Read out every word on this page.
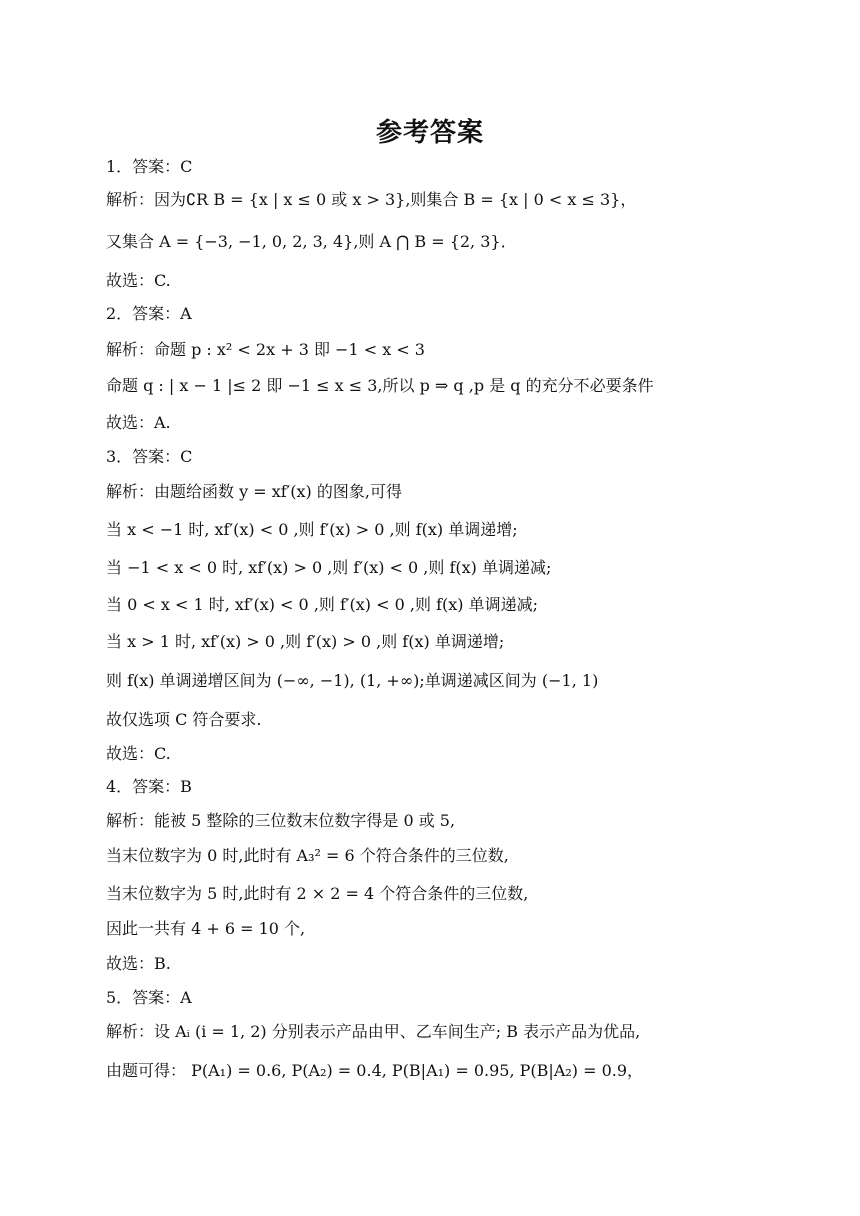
参考答案
1．答案：C
解析：因为∁R B = {x | x ≤ 0 或 x > 3},则集合 B = {x | 0 < x ≤ 3}，
又集合 A = {−3, −1, 0, 2, 3, 4},则 A ⋂ B = {2, 3}．
故选：C.
2．答案：A
解析：命题 p : x² < 2x + 3 即 −1 < x < 3
命题 q : | x − 1 |≤ 2 即 −1 ≤ x ≤ 3,所以 p ⇒ q ,p 是 q 的充分不必要条件
故选：A.
3．答案：C
解析：由题给函数 y = xf′(x) 的图象,可得
当 x < −1 时, xf′(x) < 0 ,则 f′(x) > 0 ,则 f(x) 单调递增;
当 −1 < x < 0 时, xf′(x) > 0 ,则 f′(x) < 0 ,则 f(x) 单调递减;
当 0 < x < 1 时, xf′(x) < 0 ,则 f′(x) < 0 ,则 f(x) 单调递减;
当 x > 1 时, xf′(x) > 0 ,则 f′(x) > 0 ,则 f(x) 单调递增;
则 f(x) 单调递增区间为 (−∞, −1), (1, +∞);单调递减区间为 (−1, 1)
故仅选项 C 符合要求.
故选：C.
4．答案：B
解析：能被 5 整除的三位数末位数字得是 0 或 5,
当末位数字为 0 时,此时有 A₃² = 6 个符合条件的三位数,
当末位数字为 5 时,此时有 2 × 2 = 4 个符合条件的三位数,
因此一共有 4 + 6 = 10 个,
故选：B.
5．答案：A
解析：设 Aᵢ (i = 1, 2) 分别表示产品由甲、乙车间生产; B 表示产品为优品,
由题可得： P(A₁) = 0.6, P(A₂) = 0.4, P(B|A₁) = 0.95, P(B|A₂) = 0.9，
